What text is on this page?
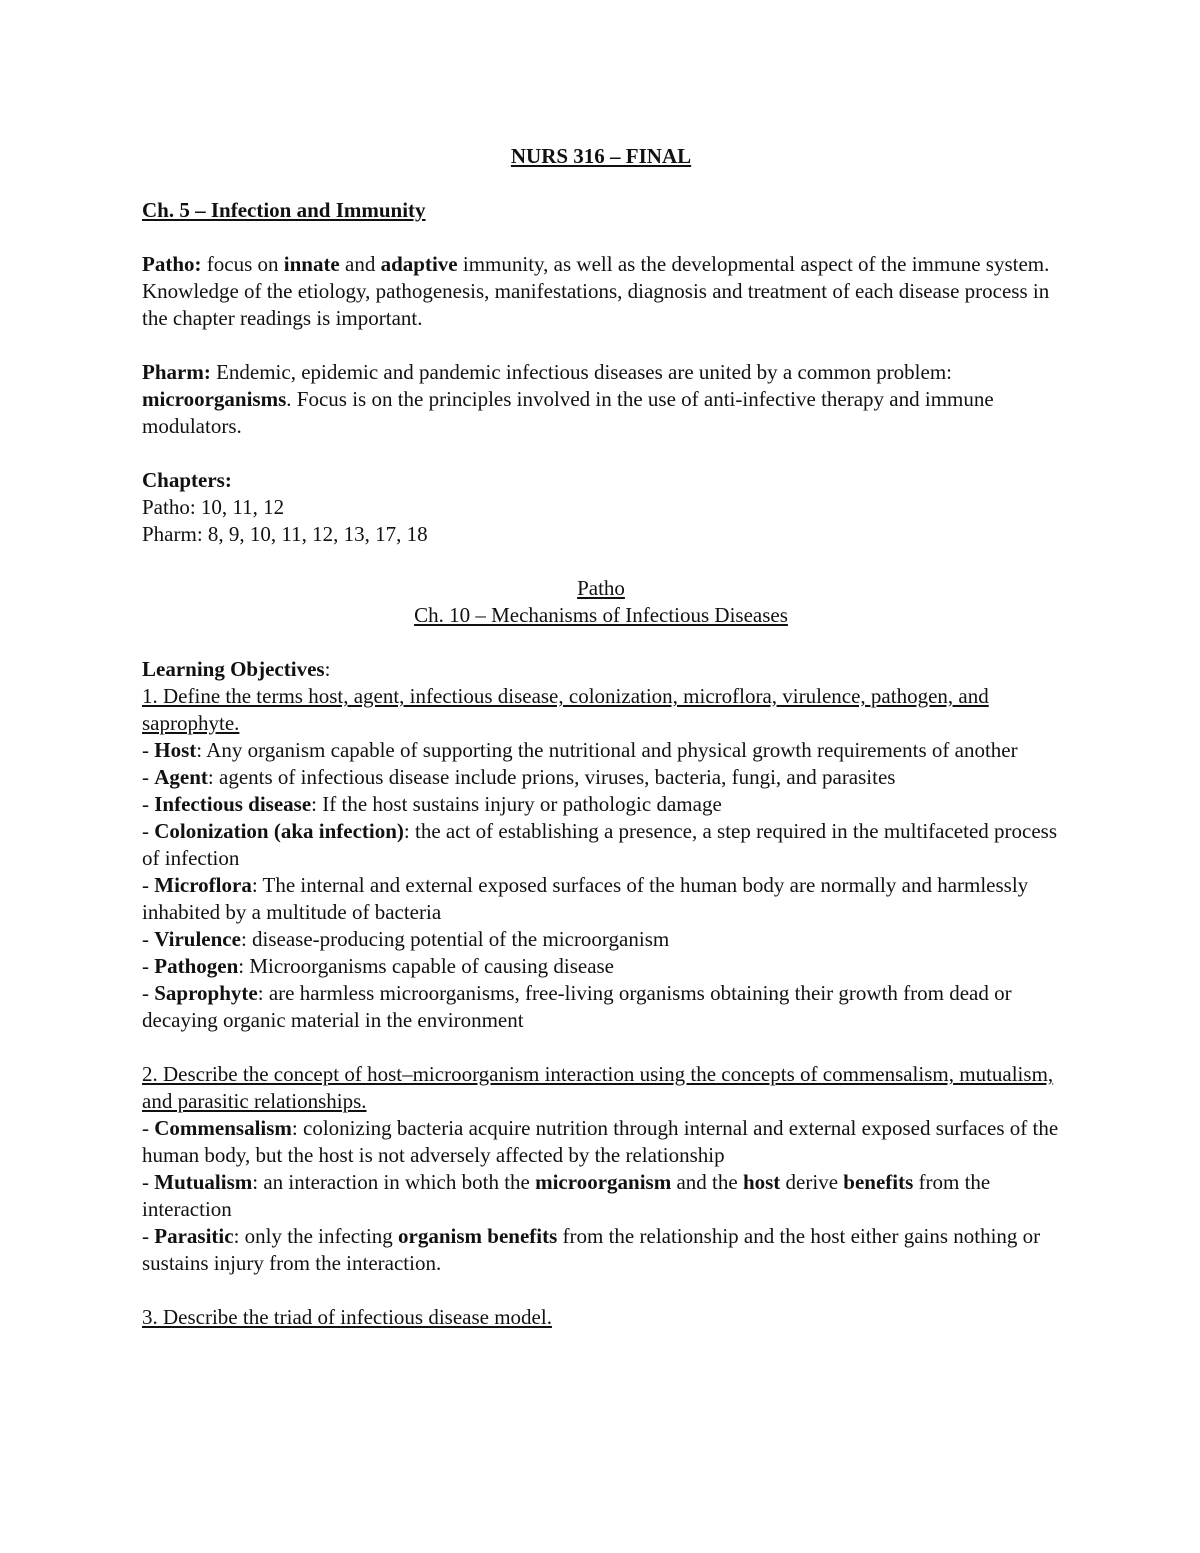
NURS 316 – FINAL

Ch. 5 – Infection and Immunity

Patho: focus on innate and adaptive immunity, as well as the developmental aspect of the immune system. Knowledge of the etiology, pathogenesis, manifestations, diagnosis and treatment of each disease process in the chapter readings is important.

Pharm: Endemic, epidemic and pandemic infectious diseases are united by a common problem: microorganisms. Focus is on the principles involved in the use of anti-infective therapy and immune modulators.

Chapters:

Patho: 10, 11, 12

Pharm: 8, 9, 10, 11, 12, 13, 17, 18

Patho

Ch. 10 – Mechanisms of Infectious Diseases

Learning Objectives:

1. Define the terms host, agent, infectious disease, colonization, microflora, virulence, pathogen, and saprophyte.

- Host: Any organism capable of supporting the nutritional and physical growth requirements of another

- Agent: agents of infectious disease include prions, viruses, bacteria, fungi, and parasites

- Infectious disease: If the host sustains injury or pathologic damage

- Colonization (aka infection): the act of establishing a presence, a step required in the multifaceted process of infection

- Microflora: The internal and external exposed surfaces of the human body are normally and harmlessly inhabited by a multitude of bacteria

- Virulence: disease-producing potential of the microorganism

- Pathogen: Microorganisms capable of causing disease

- Saprophyte: are harmless microorganisms, free-living organisms obtaining their growth from dead or decaying organic material in the environment

2. Describe the concept of host–microorganism interaction using the concepts of commensalism, mutualism, and parasitic relationships.

- Commensalism: colonizing bacteria acquire nutrition through internal and external exposed surfaces of the human body, but the host is not adversely affected by the relationship

- Mutualism: an interaction in which both the microorganism and the host derive benefits from the interaction

- Parasitic: only the infecting organism benefits from the relationship and the host either gains nothing or sustains injury from the interaction.

3. Describe the triad of infectious disease model.
